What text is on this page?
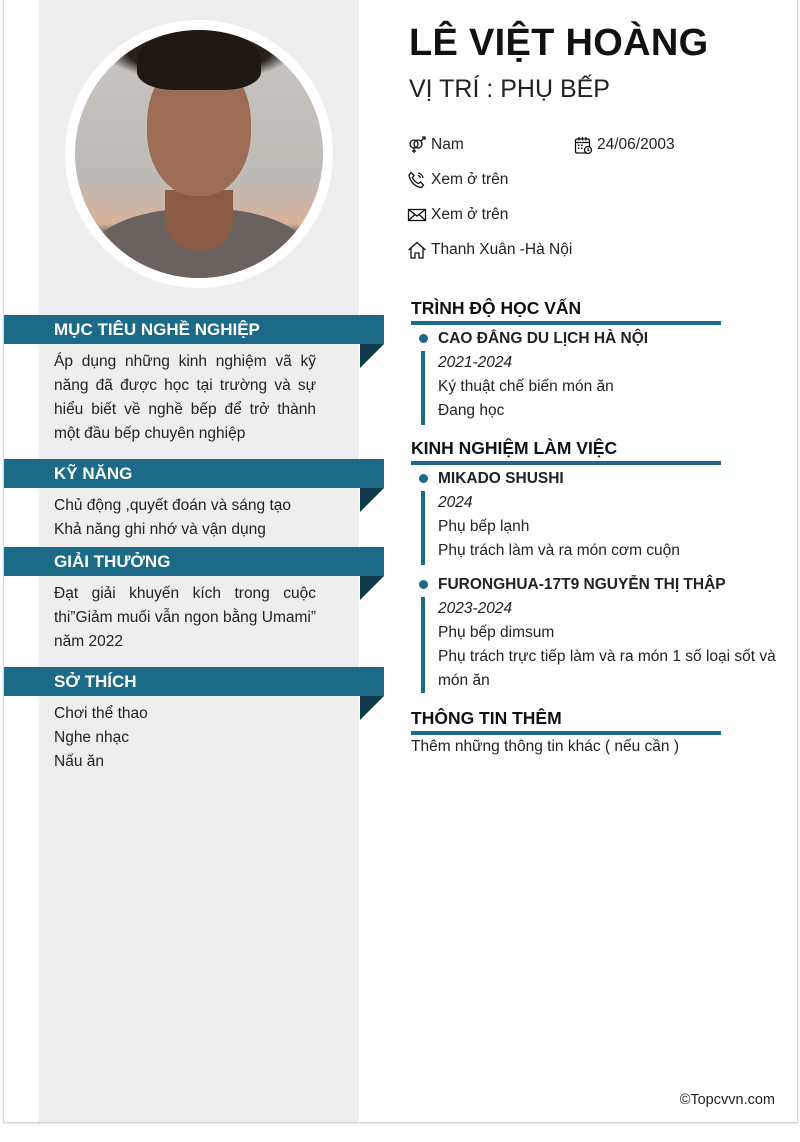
MỤC TIÊU NGHỀ NGHIỆP
Áp dụng những kinh nghiệm vã kỹ năng đã được học tại trường và sự hiểu biết về nghề bếp để trở thành một đầu bếp chuyên nghiệp
KỸ NĂNG
Chủ động ,quyết đoán và sáng tạo
Khả năng ghi nhớ và vận dụng
GIẢI THƯỞNG
Đạt giải khuyến kích trong cuộc thi”Giảm muối vẫn ngon bằng Umami” năm 2022
SỞ THÍCH
Chơi thể thao
Nghe nhạc
Nấu ăn
LÊ VIỆT HOÀNG
VỊ TRÍ : PHỤ BẾP
Nam	24/06/2003
Xem ở trên
Xem ở trên
Thanh Xuân -Hà Nội
TRÌNH ĐỘ HỌC VẤN
CAO ĐẲNG DU LỊCH HÀ NỘI
2021-2024
Ký thuật chế biến món ăn
Đang học
KINH NGHIỆM LÀM VIỆC
MIKADO SHUSHI
2024
Phụ bếp lạnh
Phụ trách làm và ra món cơm cuộn
FURONGHUA-17T9 NGUYỄN THỊ THẬP
2023-2024
Phụ bếp dimsum
Phụ trách trực tiếp làm và ra món 1 số loại sốt và món ăn
THÔNG TIN THÊM
Thêm những thông tin khác ( nếu cần )
©Topcvvn.com
